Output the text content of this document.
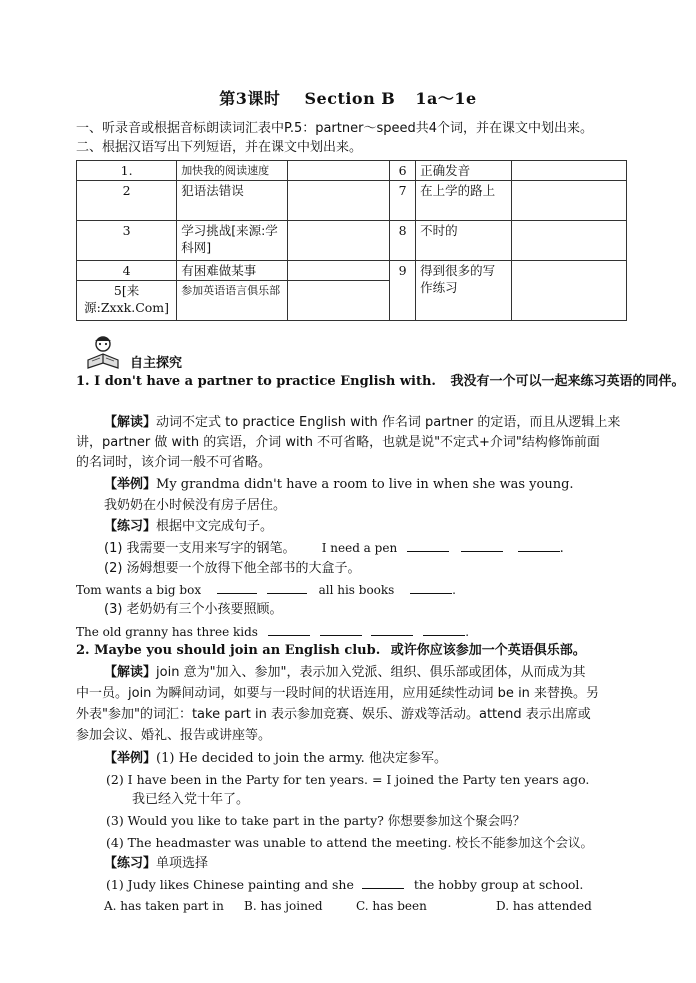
第3课时 Section B 1a～1e
一、听录音或根据音标朗读词汇表中P.5：partner～speed共4个词，并在课文中划出来。
二、根据汉语写出下列短语，并在课文中划出来。
1.	加快我的阅读速度		6	正确发音	
2	犯语法错误		7	在上学的路上	
3	学习挑战[来源:学科网]		8	不时的	
4	有困难做某事		9	得到很多的写作练习	
5[来源:Zxxk.Com]	参加英语语言俱乐部				
自主探究
1. I don't have a partner to practice English with. 我没有一个可以一起来练习英语的同伴。
【解读】动词不定式 to practice English with 作名词 partner 的定语，而且从逻辑上来
讲，partner 做 with 的宾语，介词 with 不可省略，也就是说"不定式+介词"结构修饰前面
的名词时，该介词一般不可省略。
【举例】My grandma didn't have a room to live in when she was young.
我奶奶在小时候没有房子居住。
【练习】根据中文完成句子。
(1) 我需要一支用来写字的钢笔。 I need a pen	.
(2) 汤姆想要一个放得下他全部书的大盒子。
Tom wants a big box	all his books	.
(3) 老奶奶有三个小孩要照顾。
The old granny has three kids	.
2. Maybe you should join an English club. 或许你应该参加一个英语俱乐部。
【解读】join 意为"加入、参加"，表示加入党派、组织、俱乐部或团体，从而成为其
中一员。join 为瞬间动词，如要与一段时间的状语连用，应用延续性动词 be in 来替换。另
外表"参加"的词汇：take part in 表示参加竞赛、娱乐、游戏等活动。attend 表示出席或
参加会议、婚礼、报告或讲座等。
【举例】(1) He decided to join the army. 他决定参军。
(2) I have been in the Party for ten years. = I joined the Party ten years ago.
我已经入党十年了。
(3) Would you like to take part in the party? 你想要参加这个聚会吗？
(4) The headmaster was unable to attend the meeting. 校长不能参加这个会议。
【练习】单项选择
(1) Judy likes Chinese painting and she	the hobby group at school.
A. has taken part in B. has joined	C. has been	D. has attended
